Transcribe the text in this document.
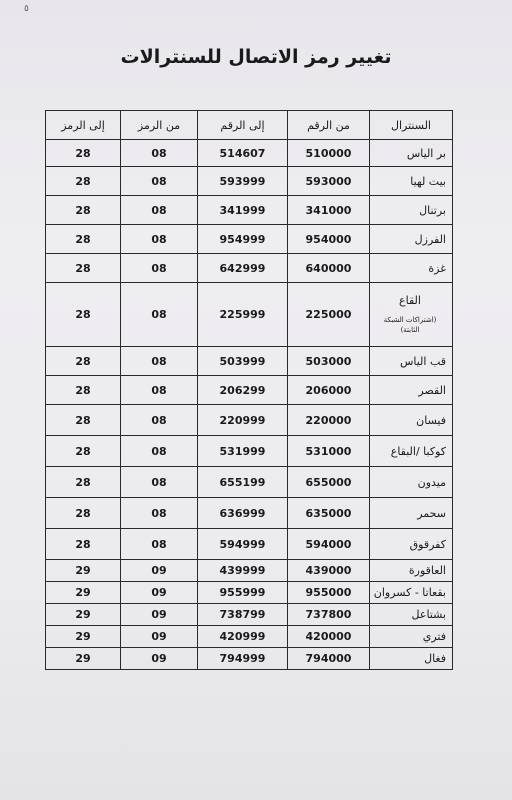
٥
تغيير رمز الاتصال للسنترالات
السنترال	من الرقم	إلى الرقم	من الرمز	إلى الرمز
بر الياس	510000	514607	08	28
بيت لهيا	593000	593999	08	28
برتنال	341000	341999	08	28
الفرزل	954000	954999	08	28
غزة	640000	642999	08	28

القاع
(اشتراكات الشبكة الثابتة)	225000	225999	08	28
قب الياس	503000	503999	08	28
القصر	206000	206299	08	28
فيسان	220000	220999	08	28
كوكبا /البقاع	531000	531999	08	28
ميدون	655000	655199	08	28
سحمر	635000	636999	08	28
كفرقوق	594000	594999	08	28
العاقورة	439000	439999	09	29
بقعاتا - كسروان	955000	955999	09	29
بشتاعل	737800	738799	09	29
فتري	420000	420999	09	29
فغال	794000	794999	09	29
